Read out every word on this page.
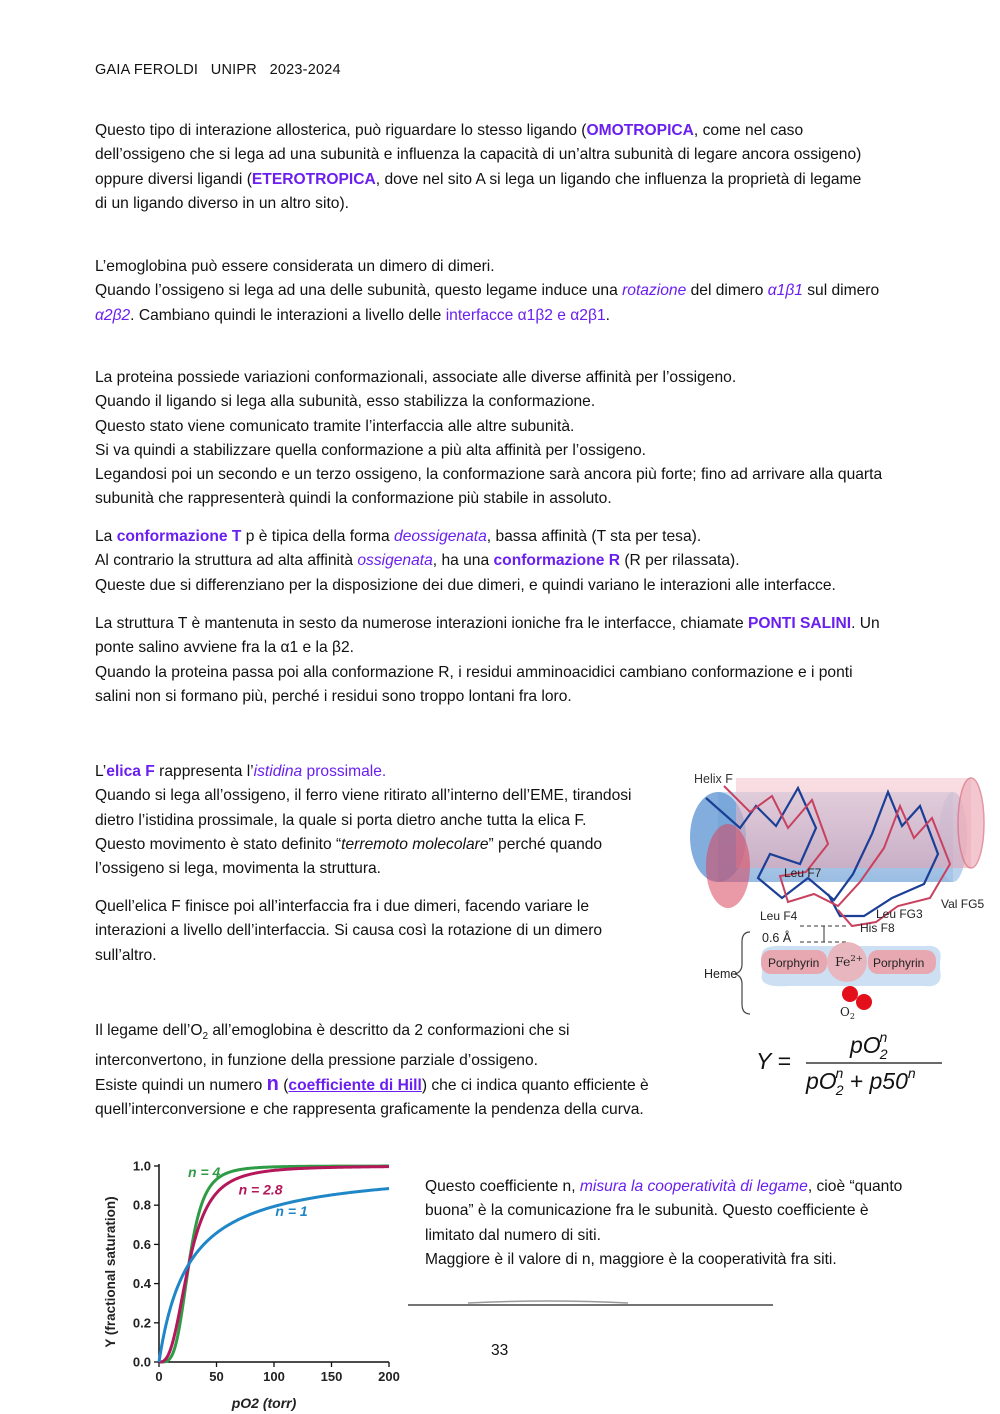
GAIA FEROLDI   UNIPR   2023-2024

Questo tipo di interazione allosterica, può riguardare lo stesso ligando (OMOTROPICA, come nel caso dell’ossigeno che si lega ad una subunità e influenza la capacità di un’altra subunità di legare ancora ossigeno) oppure diversi ligandi (ETEROTROPICA, dove nel sito A si lega un ligando che influenza la proprietà di legame di un ligando diverso in un altro sito).

L’emoglobina può essere considerata un dimero di dimeri.
Quando l’ossigeno si lega ad una delle subunità, questo legame induce una rotazione del dimero α1β1 sul dimero α2β2. Cambiano quindi le interazioni a livello delle interfacce α1β2 e α2β1.

La proteina possiede variazioni conformazionali, associate alle diverse affinità per l’ossigeno.

Quando il ligando si lega alla subunità, esso stabilizza la conformazione.

Questo stato viene comunicato tramite l’interfaccia alle altre subunità.

Si va quindi a stabilizzare quella conformazione a più alta affinità per l’ossigeno.

Legandosi poi un secondo e un terzo ossigeno, la conformazione sarà ancora più forte; fino ad arrivare alla quarta subunità che rappresenterà quindi la conformazione più stabile in assoluto.

La conformazione T p è tipica della forma deossigenata, bassa affinità (T sta per tesa).
Al contrario la struttura ad alta affinità ossigenata, ha una conformazione R (R per rilassata).
Queste due si differenziano per la disposizione dei due dimeri, e quindi variano le interazioni alle interfacce.

La struttura T è mantenuta in sesto da numerose interazioni ioniche fra le interfacce, chiamate PONTI SALINI. Un ponte salino avviene fra la α1 e la β2.
Quando la proteina passa poi alla conformazione R, i residui amminoacidici cambiano conformazione e i ponti salini non si formano più, perché i residui sono troppo lontani fra loro.

L’elica F rappresenta l’istidina prossimale.
Quando si lega all’ossigeno, il ferro viene ritirato all’interno dell’EME, tirandosi dietro l’istidina prossimale, la quale si porta dietro anche tutta la elica F. Questo movimento è stato definito “terremoto molecolare” perché quando l’ossigeno si lega, movimenta la struttura.

Quell’elica F finisce poi all’interfaccia fra i due dimeri, facendo variare le interazioni a livello dell’interfaccia. Si causa così la rotazione di un dimero sull’altro.

Il legame $dell’O_2$ all’emoglobina è descritto da 2 conformazioni che si interconvertono, in funzione della pressione parziale d’ossigeno.

Esiste quindi un numero n (coefficiente di Hill) che ci indica quanto efficiente è quell’interconversione e che rappresenta graficamente la pendenza della curva.

Questo coefficiente n, misura la cooperatività di legame, cioè “quanto buona” è la comunicazione fra le subunità. Questo coefficiente è limitato dal numero di siti.
Maggiore è il valore di n, maggiore è la cooperatività fra siti.

Helix F
0.6 Å
Leu F7
Leu F4	Leu FG3
Val FG5
His F8
Heme
Porphyrin	Porphyrin
$Fe^{2+}$
$O_2$
Y =
pO2n
$pO2n + p50^n$
33
0.0
0.2
0.4
0.6
0.8
1.0
0	50	100	150	200
pO2 (torr)
Y (fractional saturation)
n = 4
n = 2.8
n = 1
